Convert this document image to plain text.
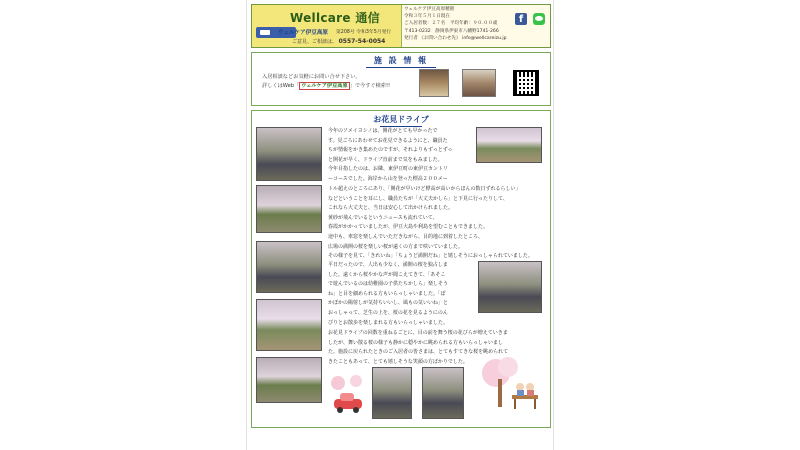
Wellcare 通信
ウェルケア伊豆高原 第208号 令和3年5月発行
ご意見、ご相談は、 0557-54-0054
ウェルケア伊豆高原精園
令和３年５月１日現在
ご入居者数：２７名　平均年齢：９０.００歳
〒413-0232　静岡県伊東市八幡野1741-266
発行者 《お問い合わせ先》 info@wellcareizu.jp
f
施 設 情 報
入居相談などお気軽にお問い合せ下さい。
詳しくはWeb「 ウェルケア伊豆高原 」で今すぐ検索!!
お花見ドライブ
今年のソメイヨシノは、開花がとても早かったで
す。見ごろにあわせてお花見できるようにと、職員た
ちが情報をかき集めたのですが、それよりもずっとずっ
と開花が早く、ドライブ直前まで気をもみました。
今年目指したのは、お隣、東伊豆町の東伊豆カントリ
ーコースでした。海岸から山を登った標高２００メー
トル超えのところにあり、「開花が早いけど標高が高いからほんの数日ずれるらしい」
などということを耳にし、職員たちが「大丈夫かしら」と下見に行ったりして、
これなら大丈夫と、当日は安心して出かけられました。
黄砂が飛んでいるというニュースも流れていて、
春霞がかかっていましたが、伊豆大島や利島を望むこともできました。
途中も、車窓を楽しんでいただきながら、目的地に到着したところ、
広場の満開の桜を楽しい桜が遠くの方まで咲いていました。
その様子を見て、「きれいね」「ちょうど満開だね」と嬉しそうにおっしゃられていました。
平日だったので、人出も少なく、満開の桜を独占しま
した。遠くから桜やかな声が聞こえてきて、「あそこ
で遊んでいるのは幼稚園の子供たちかしら」楽しそう
ね」と目を細められる方もいらっしゃいました。「ぽ
かぽかの陽射しが気持ちいいし、風もの気いいね」と
おっしゃって、芝生の上を、桜の花を見るようにのん
びりとお散歩を楽しまれる方もいらっしゃいました。
お花見ドライブの回数を重ねるごとに、目の前を舞う桜の花びらが増えていきま
したが、舞い散る桜の様子も静かに穏やかに眺められる方もいらっしゃいまし
た。施設に戻られたときのご入居者の皆さまは、とてもすてきな桜を眺められて
きたこともあって、とても嬉しそうな笑顔の方ばかりでした。
